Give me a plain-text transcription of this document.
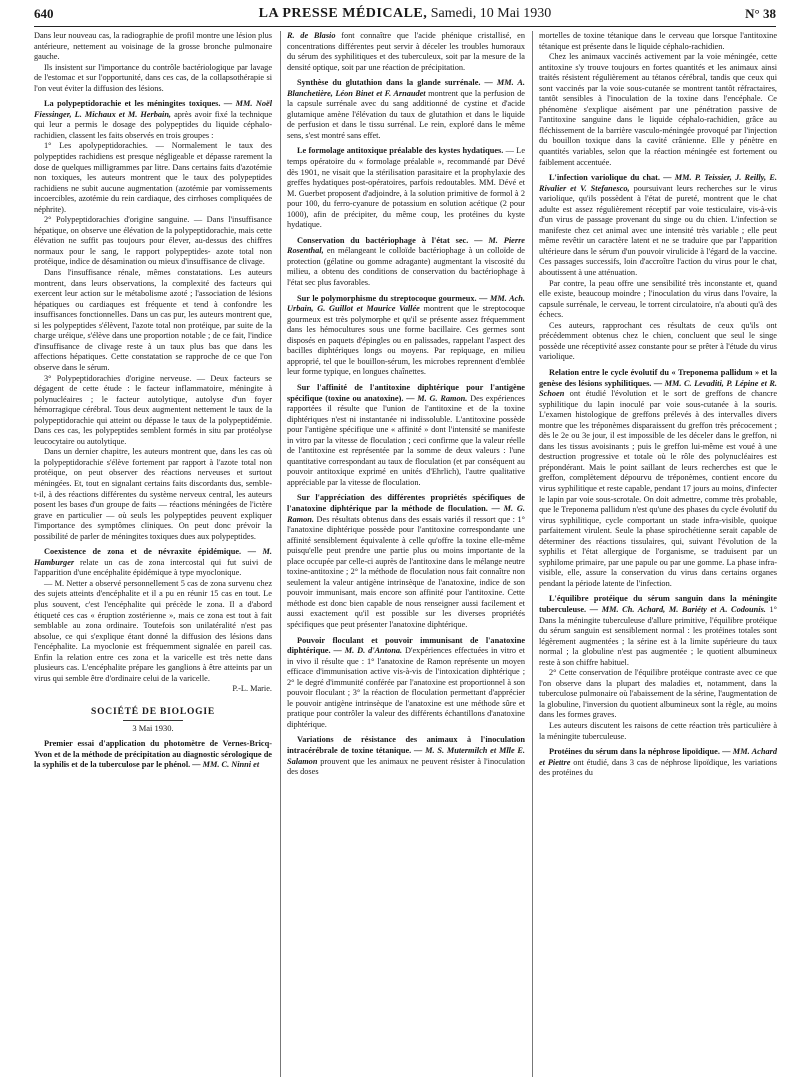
640	LA PRESSE MÉDICALE, Samedi, 10 Mai 1930	N° 38

Dans leur nouveau cas, la radiographie de profil montre une lésion plus antérieure, nettement au voisinage de la grosse bronche pulmonaire gauche.

Ils insistent sur l'importance du contrôle bactériologique par lavage de l'estomac et sur l'opportunité, dans ces cas, de la collapsothérapie si l'on veut éviter la diffusion des lésions.

La polypeptidorachie et les méningites toxiques. — MM. Noël Fiessinger, L. Michaux et M. Herbain, après avoir fixé la technique qui leur a permis le dosage des polypeptides du liquide céphalo-rachidien, classent les faits observés en trois groupes :

1° Les apolypeptidorachies. — Normalement le taux des polypeptides rachidiens est presque négligeable et dépasse rarement la dose de quelques milligrammes par litre. Dans certains faits d'azotémie non toxiques, les auteurs montrent que le taux des polypeptides rachidiens ne subit aucune augmentation (azotémie par vomissements incoercibles, azotémie du rein cardiaque, des cirrhoses compliquées de néphrite).

2° Polypeptidorachies d'origine sanguine. — Dans l'insuffisance hépatique, on observe une élévation de la polypeptidorachie, mais cette élévation ne suffit pas toujours pour élever, au-dessus des chiffres normaux pour le sang, le rapport polypeptides- azote total non protéique, indice de désamination ou mieux d'insuffisance de clivage.

Dans l'insuffisance rénale, mêmes constatations. Les auteurs montrent, dans leurs observations, la complexité des facteurs qui exercent leur action sur le métabolisme azoté ; l'association de lésions hépatiques ou cardiaques est fréquente et tend à confondre les insuffisances fonctionnelles. Dans un cas pur, les auteurs montrent que, si les polypeptides s'élèvent, l'azote total non protéique, par suite de la charge uréique, s'élève dans une proportion notable ; de ce fait, l'indice d'insuffisance de clivage reste à un taux plus bas que dans les affections hépatiques. Cette constatation se rapproche de ce que l'on observe dans le sérum.

3° Polypeptidorachies d'origine nerveuse. — Deux facteurs se dégagent de cette étude : le facteur inflammatoire, méningite à polynucléaires ; le facteur autolytique, autolyse d'un foyer hémorragique cérébral. Tous deux augmentent nettement le taux de la polypeptidorachie qui atteint ou dépasse le taux de la polypeptidémie. Dans ces cas, les polypeptides semblent formés in situ par protéolyse leucocytaire ou autolytique.

Dans un dernier chapitre, les auteurs montrent que, dans les cas où la polypeptidorachie s'élève fortement par rapport à l'azote total non protéique, on peut observer des réactions nerveuses et surtout méningées. Et, tout en signalant certains faits discordants dus, semble-t-il, à des réactions différentes du système nerveux central, les auteurs posent les bases d'un groupe de faits — réactions méningées de l'ictère grave en particulier — où seuls les polypeptides peuvent expliquer l'importance des symptômes cliniques. On peut donc prévoir la possibilité de parler de méningites toxiques dues aux polypeptides.

Coexistence de zona et de névraxite épidémique. — M. Hamburger relate un cas de zona intercostal qui fut suivi de l'apparition d'une encéphalite épidémique à type myoclonique.

— M. Netter a observé personnellement 5 cas de zona survenu chez des sujets atteints d'encéphalite et il a pu en réunir 15 cas en tout. Le plus souvent, c'est l'encéphalite qui précède le zona. Il a d'abord étiqueté ces cas « éruption zostérienne », mais ce zona est tout à fait semblable au zona ordinaire. Toutefois son unilatéralité n'est pas absolue, ce qui s'explique étant donné la diffusion des lésions dans l'encéphalite. La myoclonie est fréquemment signalée en pareil cas. Enfin la relation entre ces zona et la varicelle est très nette dans plusieurs cas. L'encéphalite prépare les ganglions à être atteints par un virus qui semble être d'ordinaire celui de la varicelle.

P.-L. Marie.

SOCIÉTÉ DE BIOLOGIE

3 Mai 1930.

Premier essai d'application du photomètre de Vernes-Bricq-Yvon et de la méthode de précipitation au diagnostic sérologique de la syphilis et de la tuberculose par le phénol. — MM. C. Ninni et

R. de Blasio font connaître que l'acide phénique cristallisé, en concentrations différentes peut servir à déceler les troubles humoraux du sérum des syphilitiques et des tuberculeux, soit par la mesure de la densité optique, soit par une réaction de précipitation.

Synthèse du glutathion dans la glande surrénale. — MM. A. Blanchetière, Léon Binet et F. Arnaudet montrent que la perfusion de la capsule surrénale avec du sang additionné de cystine et d'acide glutamique amène l'élévation du taux de glutathion et dans le liquide de perfusion et dans le tissu surrénal. Le rein, exploré dans le même sens, s'est montré sans effet.

Le formolage antitoxique préalable des kystes hydatiques. — Le temps opératoire du « formolage préalable », recommandé par Dévé dès 1901, ne visait que la stérilisation parasitaire et la prophylaxie des greffes hydatiques post-opératoires, parfois redoutables. MM. Dévé et M. Guerbet proposent d'adjoindre, à la solution primitive de formol à 2 pour 100, du ferro-cyanure de potassium en solution acétique (2 pour 1000), afin de précipiter, du même coup, les protéines du kyste hydatique.

Conservation du bactériophage à l'état sec. — M. Pierre Rosenthal, en mélangeant le colloïde bactériophage à un colloïde de protection (gélatine ou gomme adragante) augmentant la viscosité du milieu, a obtenu des conditions de conservation du bactériophage à l'état sec plus favorables.

Sur le polymorphisme du streptocoque gourmeux. — MM. Ach. Urbain, G. Guillot et Maurice Vallée montrent que le streptocoque gourmeux est très polymorphe et qu'il se présente assez fréquemment dans les hémocultures sous une forme bacillaire. Ces germes sont disposés en paquets d'épingles ou en palissades, rappelant l'aspect des bacilles diphtériques longs ou moyens. Par repiquage, en milieu approprié, tel que le bouillon-sérum, les microbes reprennent d'emblée leur forme typique, en longues chaînettes.

Sur l'affinité de l'antitoxine diphtérique pour l'antigène spécifique (toxine ou anatoxine). — M. G. Ramon. Des expériences rapportées il résulte que l'union de l'antitoxine et de la toxine diphtériques n'est ni instantanée ni indissoluble. L'antitoxine possède pour l'antigène spécifique une « affinité » dont l'intensité se manifeste in vitro par la vitesse de floculation ; ceci confirme que la valeur réelle de l'antitoxine est représentée par la somme de deux valeurs : l'une quantitative correspondant au taux de floculation (et par conséquent au pouvoir antitoxique exprimé en unités d'Ehrlich), l'autre qualitative appréciable par la vitesse de floculation.

Sur l'appréciation des différentes propriétés spécifiques de l'anatoxine diphtérique par la méthode de floculation. — M. G. Ramon. Des résultats obtenus dans des essais variés il ressort que : 1° l'anatoxine diphtérique possède pour l'antitoxine correspondante une affinité sensiblement équivalente à celle qu'offre la toxine elle-même puisqu'elle peut prendre une partie plus ou moins importante de la place occupée par celle-ci auprès de l'antitoxine dans le mélange neutre toxine-antitoxine ; 2° la méthode de floculation nous fait connaître non seulement la valeur antigène intrinsèque de l'anatoxine, indice de son pouvoir immunisant, mais encore son affinité pour l'antitoxine. Cette méthode est donc bien capable de nous renseigner aussi facilement et aussi exactement qu'il est possible sur les diverses propriétés spécifiques que peut présenter l'anatoxine diphtérique.

Pouvoir floculant et pouvoir immunisant de l'anatoxine diphtérique. — M. D. d'Antona. D'expériences effectuées in vitro et in vivo il résulte que : 1° l'anatoxine de Ramon représente un moyen efficace d'immunisation active vis-à-vis de l'intoxication diphtérique ; 2° le degré d'immunité conférée par l'anatoxine est proportionnel à son pouvoir floculant ; 3° la réaction de floculation permettant d'apprécier le pouvoir antigène intrinsèque de l'anatoxine est une méthode sûre et pratique pour contrôler la valeur des différents échantillons d'anatoxine diphtérique.

Variations de résistance des animaux à l'inoculation intracérébrale de toxine tétanique. — M. S. Mutermilch et Mlle E. Salamon prouvent que les animaux ne peuvent résister à l'inoculation des doses

mortelles de toxine tétanique dans le cerveau que lorsque l'antitoxine tétanique est présente dans le liquide céphalo-rachidien.

Chez les animaux vaccinés activement par la voie méningée, cette antitoxine s'y trouve toujours en fortes quantités et les animaux ainsi traités résistent régulièrement au tétanos cérébral, tandis que ceux qui sont vaccinés par la voie sous-cutanée se montrent tantôt réfractaires, tantôt sensibles à l'inoculation de la toxine dans l'encéphale. Ce phénomène s'explique aisément par une pénétration passive de l'antitoxine sanguine dans le liquide céphalo-rachidien, grâce au fléchissement de la barrière vasculo-méningée provoqué par l'injection du bouillon toxique dans la cavité crânienne. Elle y pénètre en quantités variables, selon que la réaction méningée est fortement ou faiblement accentuée.

L'infection variolique du chat. — MM. P. Teissier, J. Reilly, E. Rivalier et V. Stefanesco, poursuivant leurs recherches sur le virus variolique, qu'ils possèdent à l'état de pureté, montrent que le chat adulte est assez régulièrement réceptif par voie testiculaire, vis-à-vis d'un virus de passage provenant du singe ou du chien. L'infection se manifeste chez cet animal avec une intensité très variable ; elle peut même revêtir un caractère latent et ne se traduire que par l'apparition ultérieure dans le sérum d'un pouvoir virulicide à l'égard de la vaccine. Ces passages successifs, loin d'accroître l'action du virus pour le chat, aboutissent à une atténuation.

Par contre, la peau offre une sensibilité très inconstante et, quand elle existe, beaucoup moindre ; l'inoculation du virus dans l'ovaire, la capsule surrénale, le cerveau, le torrent circulatoire, n'a abouti qu'à des échecs.

Ces auteurs, rapprochant ces résultats de ceux qu'ils ont précédemment obtenus chez le chien, concluent que seul le singe possède une réceptivité assez constante pour se prêter à l'étude du virus variolique.

Relation entre le cycle évolutif du « Treponema pallidum » et la genèse des lésions syphilitiques. — MM. C. Levaditi, P. Lépine et R. Schoen ont étudié l'évolution et le sort de greffons de chancre syphilitique du lapin inoculé par voie sous-cutanée à la souris. L'examen histologique de greffons prélevés à des intervalles divers montre que les tréponèmes disparaissent du greffon très précocement ; dès le 2e ou 3e jour, il est impossible de les déceler dans le greffon, ni dans les tissus avoisinants ; puis le greffon lui-même est voué à une destruction progressive et totale où le rôle des polynucléaires est prépondérant. Mais le point saillant de leurs recherches est que le greffon, complètement dépourvu de tréponèmes, contient encore du virus syphilitique et reste capable, pendant 17 jours au moins, d'infecter le lapin par voie sous-scrotale. On doit admettre, comme très probable, que le Treponema pallidum n'est qu'une des phases du cycle évolutif du virus syphilitique, cycle comportant un stade infra-visible, quoique parfaitement virulent. Seule la phase spirochétienne serait capable de déterminer des réactions tissulaires, qui, suivant l'évolution de la syphilis et l'état allergique de l'organisme, se traduisent par un syphilome primaire, par une papule ou par une gomme. La phase infra-visible, elle, assure la conservation du virus dans certains organes pendant la période latente de l'infection.

L'équilibre protéique du sérum sanguin dans la méningite tuberculeuse. — MM. Ch. Achard, M. Bariéty et A. Codounis. 1° Dans la méningite tuberculeuse d'allure primitive, l'équilibre protéique du sérum sanguin est sensiblement normal : les protéines totales sont légèrement augmentées ; la sérine est à la limite supérieure du taux normal ; la globuline n'est pas augmentée ; le quotient albumineux reste à son chiffre habituel.

2° Cette conservation de l'équilibre protéique contraste avec ce que l'on observe dans la plupart des maladies et, notamment, dans la tuberculose pulmonaire où l'abaissement de la sérine, l'augmentation de la globuline, l'inversion du quotient albumineux sont la règle, au moins dans les formes graves.

Les auteurs discutent les raisons de cette réaction très particulière à la méningite tuberculeuse.

Protéines du sérum dans la néphrose lipoïdique. — MM. Achard et Piettre ont étudié, dans 3 cas de néphrose lipoïdique, les variations des protéines du
